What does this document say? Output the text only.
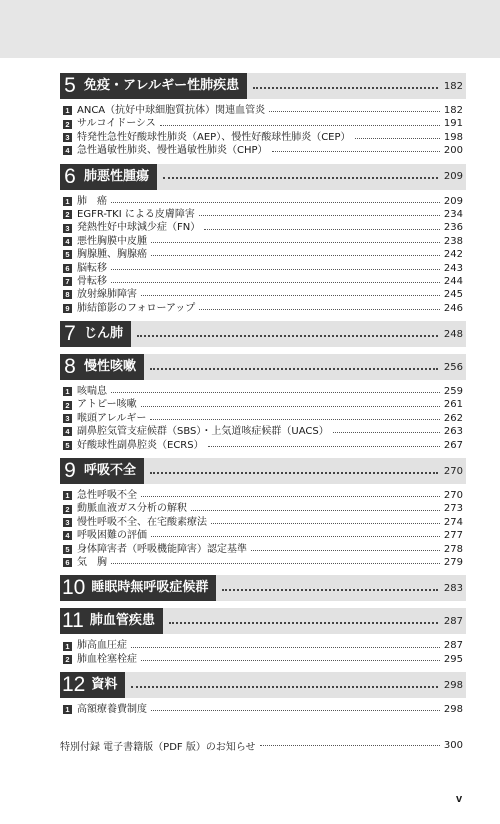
5 免疫・アレルギー性肺疾患	182
1 ANCA（抗好中球細胞質抗体）関連血管炎	182
2 サルコイドーシス	191
3 特発性急性好酸球性肺炎（AEP）、慢性好酸球性肺炎（CEP）	198
4 急性過敏性肺炎、慢性過敏性肺炎（CHP）	200
6 肺悪性腫瘍	209
1 肺　癌	209
2 EGFR-TKI による皮膚障害	234
3 発熱性好中球減少症（FN）	236
4 悪性胸膜中皮腫	238
5 胸腺腫、胸腺癌	242
6 脳転移	243
7 骨転移	244
8 放射線肺障害	245
9 肺結節影のフォローアップ	246
7 じん肺	248
8 慢性咳嗽	256
1 咳喘息	259
2 アトピー咳嗽	261
3 喉頭アレルギー	262
4 副鼻腔気管支症候群（SBS）・上気道咳症候群（UACS）	263
5 好酸球性副鼻腔炎（ECRS）	267
9 呼吸不全	270
1 急性呼吸不全	270
2 動脈血液ガス分析の解釈	273
3 慢性呼吸不全、在宅酸素療法	274
4 呼吸困難の評価	277
5 身体障害者（呼吸機能障害）認定基準	278
6 気　胸	279
10 睡眠時無呼吸症候群	283
11 肺血管疾患	287
1 肺高血圧症	287
2 肺血栓塞栓症	295
12 資料	298
1 高額療養費制度	298
特別付録 電子書籍版（PDF 版）のお知らせ	300
v
